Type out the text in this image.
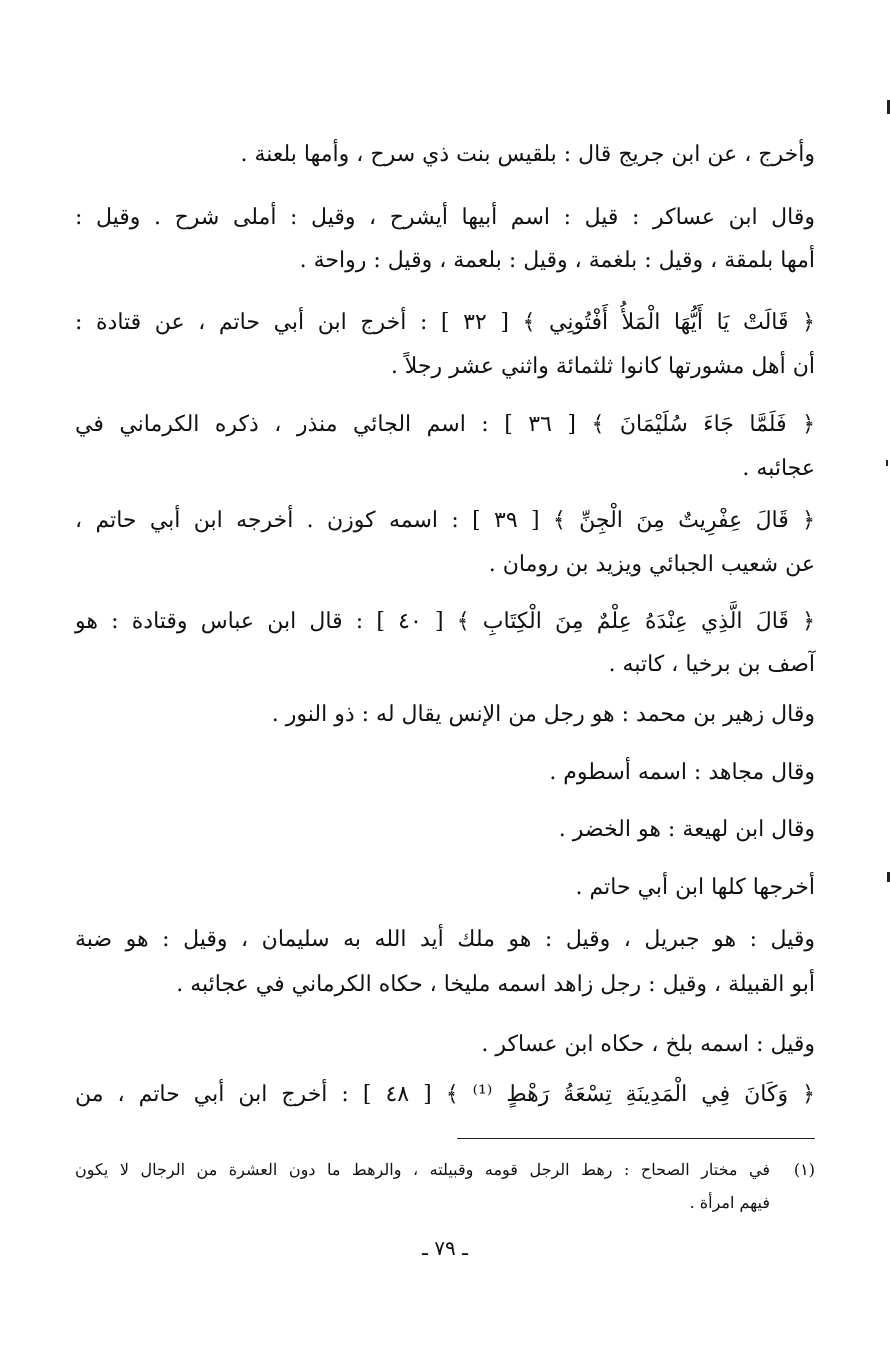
وأخرج ، عن ابن جريج قال : بلقيس بنت ذي سرح ، وأمها بلعنة .
وقال ابن عساكر : قيل : اسم أبيها أيشرح ، وقيل : أملى شرح . وقيل :
أمها بلمقة ، وقيل : بلغمة ، وقيل : بلعمة ، وقيل : رواحة .
﴿ قَالَتْ يَا أَيُّهَا الْمَلأُ أَفْتُونِي ﴾ [ ٣٢ ] : أخرج ابن أبي حاتم ، عن قتادة :
أن أهل مشورتها كانوا ثلثمائة واثني عشر رجلاً .
﴿ فَلَمَّا جَاءَ سُلَيْمَانَ ﴾ [ ٣٦ ] : اسم الجائي منذر ، ذكره الكرماني في
عجائبه .
﴿ قَالَ عِفْرِيتٌ مِنَ الْجِنِّ ﴾ [ ٣٩ ] : اسمه كوزن . أخرجه ابن أبي حاتم ،
عن شعيب الجبائي ويزيد بن رومان .
﴿ قَالَ الَّذِي عِنْدَهُ عِلْمٌ مِنَ الْكِتَابِ ﴾ [ ٤٠ ] : قال ابن عباس وقتادة : هو
آصف بن برخيا ، كاتبه .
وقال زهير بن محمد : هو رجل من الإنس يقال له : ذو النور .
وقال مجاهد : اسمه أسطوم .
وقال ابن لهيعة : هو الخضر .
أخرجها كلها ابن أبي حاتم .
وقيل : هو جبريل ، وقيل : هو ملك أيد الله به سليمان ، وقيل : هو ضبة
أبو القبيلة ، وقيل : رجل زاهد اسمه مليخا ، حكاه الكرماني في عجائبه .
وقيل : اسمه بلخ ، حكاه ابن عساكر .
﴿ وَكَانَ فِي الْمَدِينَةِ تِسْعَةُ رَهْطٍ ⁽¹⁾ ﴾ [ ٤٨ ] : أخرج ابن أبي حاتم ، من
(١)
في مختار الصحاح : رهط الرجل قومه وقبيلته ، والرهط ما دون العشرة من الرجال لا يكون
فيهم امرأة .
ـ ٧٩ ـ
